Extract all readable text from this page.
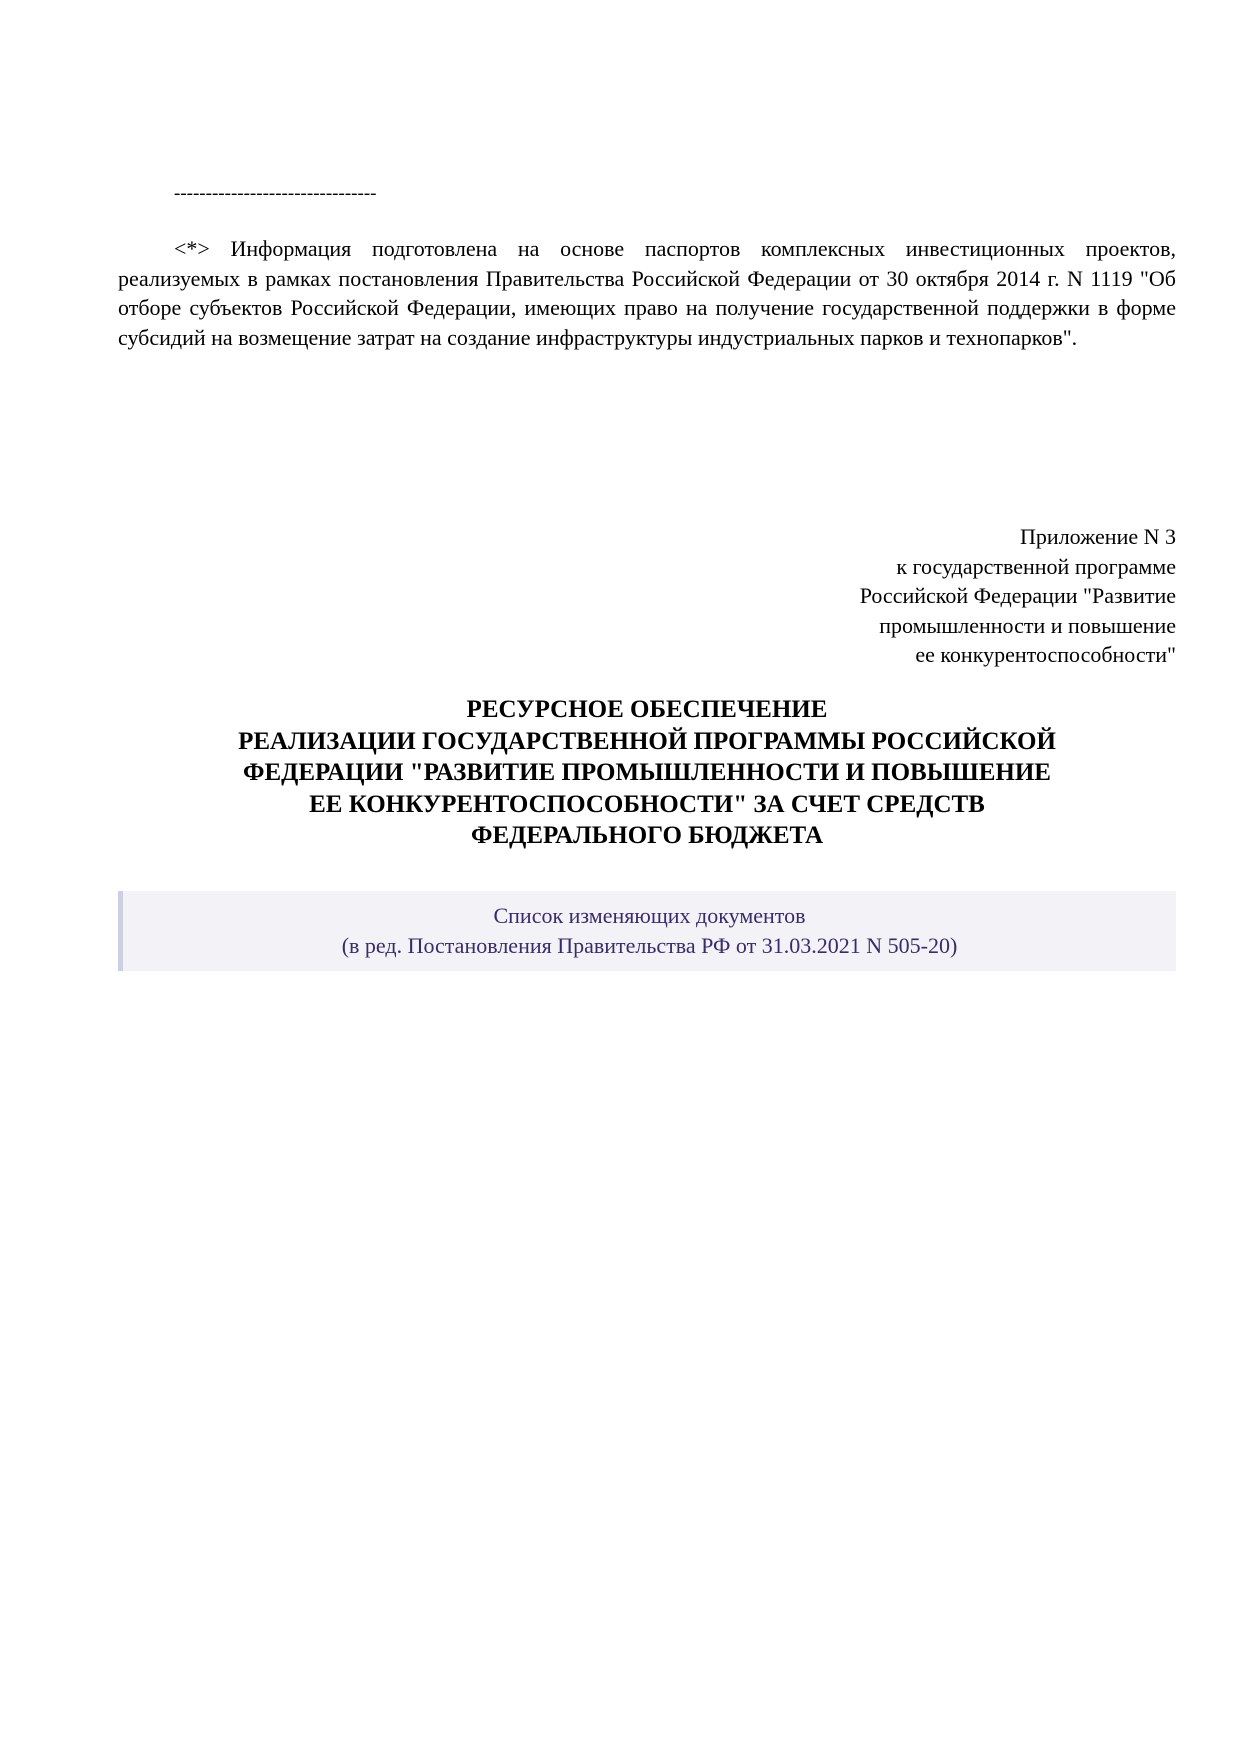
--------------------------------

<*> Информация подготовлена на основе паспортов комплексных инвестиционных проектов, реализуемых в рамках постановления Правительства Российской Федерации от 30 октября 2014 г. N 1119 "Об отборе субъектов Российской Федерации, имеющих право на получение государственной поддержки в форме субсидий на возмещение затрат на создание инфраструктуры индустриальных парков и технопарков".

Приложение N 3
к государственной программе
Российской Федерации "Развитие
промышленности и повышение
ее конкурентоспособности"
РЕСУРСНОЕ ОБЕСПЕЧЕНИЕ
РЕАЛИЗАЦИИ ГОСУДАРСТВЕННОЙ ПРОГРАММЫ РОССИЙСКОЙ
ФЕДЕРАЦИИ "РАЗВИТИЕ ПРОМЫШЛЕННОСТИ И ПОВЫШЕНИЕ
ЕЕ КОНКУРЕНТОСПОСОБНОСТИ" ЗА СЧЕТ СРЕДСТВ
ФЕДЕРАЛЬНОГО БЮДЖЕТА
Список изменяющих документов
(в ред. Постановления Правительства РФ от 31.03.2021 N 505-20)
